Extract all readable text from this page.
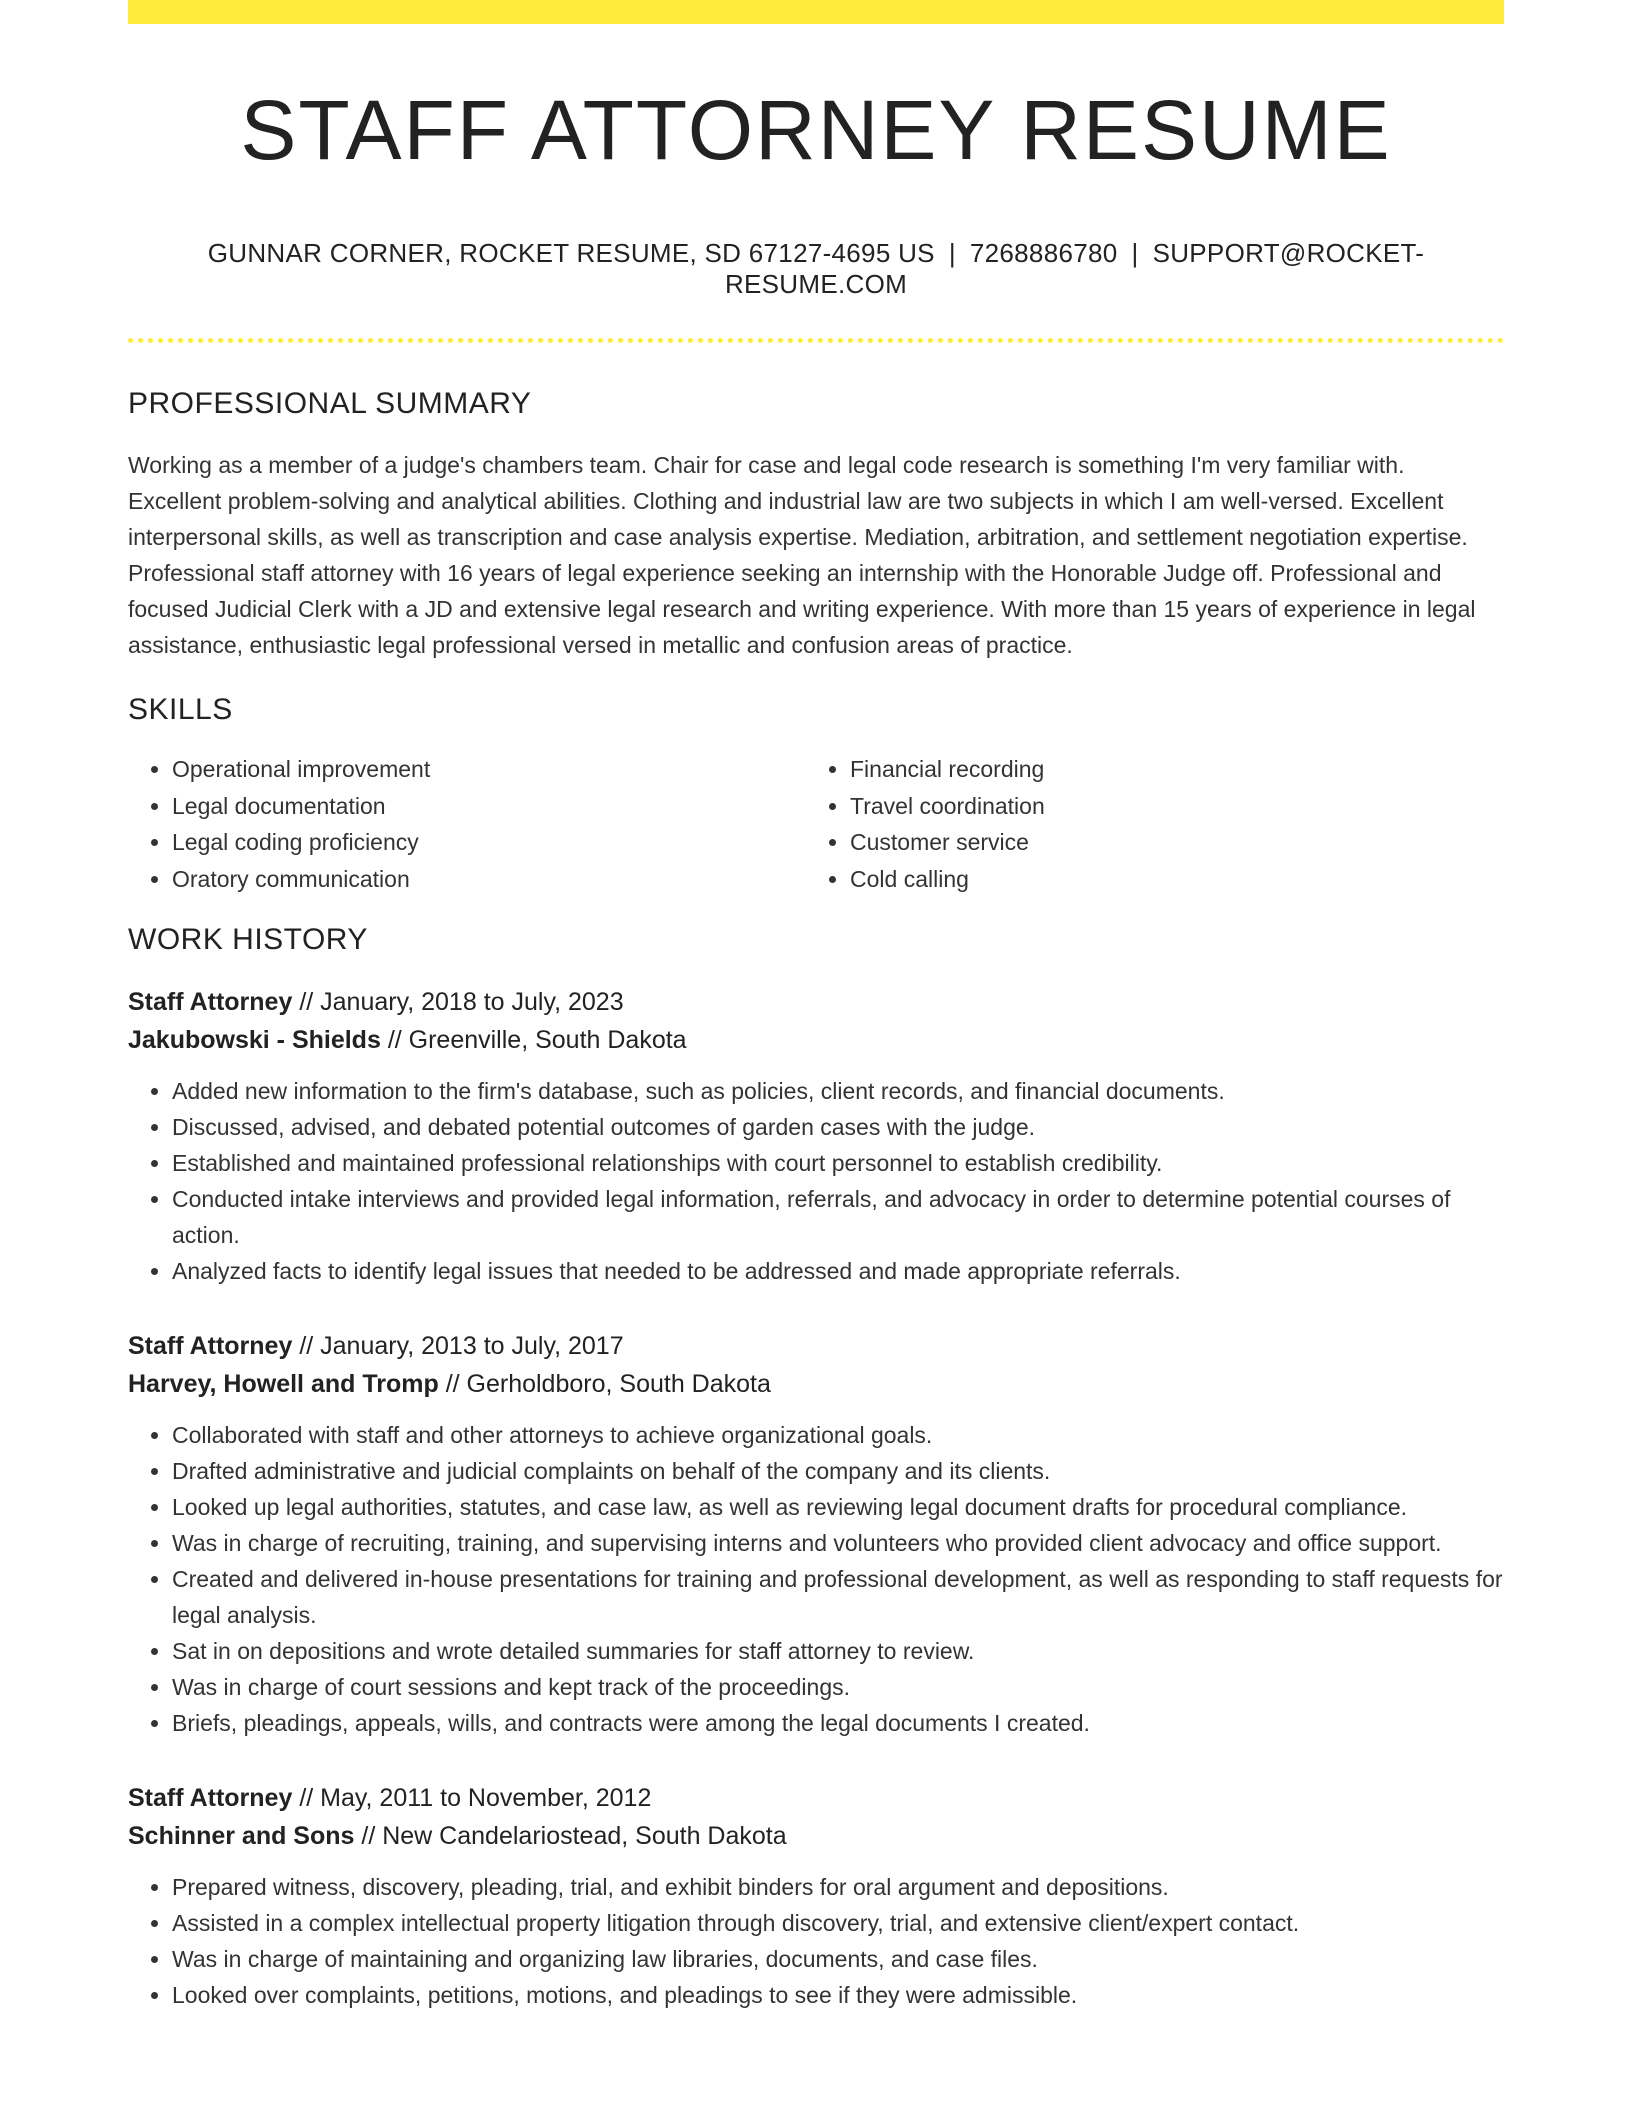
STAFF ATTORNEY RESUME
GUNNAR CORNER, ROCKET RESUME, SD 67127-4695 US | 7268886780 | SUPPORT@ROCKET-RESUME.COM
PROFESSIONAL SUMMARY

Working as a member of a judge's chambers team. Chair for case and legal code research is something I'm very familiar with. Excellent problem-solving and analytical abilities. Clothing and industrial law are two subjects in which I am well-versed. Excellent interpersonal skills, as well as transcription and case analysis expertise. Mediation, arbitration, and settlement negotiation expertise. Professional staff attorney with 16 years of legal experience seeking an internship with the Honorable Judge off. Professional and focused Judicial Clerk with a JD and extensive legal research and writing experience. With more than 15 years of experience in legal assistance, enthusiastic legal professional versed in metallic and confusion areas of practice.

SKILLS
• Operational improvement
• Legal documentation
• Legal coding proficiency
• Oratory communication
• Financial recording
• Travel coordination
• Customer service
• Cold calling
WORK HISTORY
Staff Attorney // January, 2018 to July, 2023
Jakubowski - Shields // Greenville, South Dakota
• Added new information to the firm's database, such as policies, client records, and financial documents.
• Discussed, advised, and debated potential outcomes of garden cases with the judge.
• Established and maintained professional relationships with court personnel to establish credibility.
• Conducted intake interviews and provided legal information, referrals, and advocacy in order to determine potential courses of action.
• Analyzed facts to identify legal issues that needed to be addressed and made appropriate referrals.
Staff Attorney // January, 2013 to July, 2017
Harvey, Howell and Tromp // Gerholdboro, South Dakota
• Collaborated with staff and other attorneys to achieve organizational goals.
• Drafted administrative and judicial complaints on behalf of the company and its clients.
• Looked up legal authorities, statutes, and case law, as well as reviewing legal document drafts for procedural compliance.
• Was in charge of recruiting, training, and supervising interns and volunteers who provided client advocacy and office support.
• Created and delivered in-house presentations for training and professional development, as well as responding to staff requests for legal analysis.
• Sat in on depositions and wrote detailed summaries for staff attorney to review.
• Was in charge of court sessions and kept track of the proceedings.
• Briefs, pleadings, appeals, wills, and contracts were among the legal documents I created.
Staff Attorney // May, 2011 to November, 2012
Schinner and Sons // New Candelariostead, South Dakota
• Prepared witness, discovery, pleading, trial, and exhibit binders for oral argument and depositions.
• Assisted in a complex intellectual property litigation through discovery, trial, and extensive client/expert contact.
• Was in charge of maintaining and organizing law libraries, documents, and case files.
• Looked over complaints, petitions, motions, and pleadings to see if they were admissible.
